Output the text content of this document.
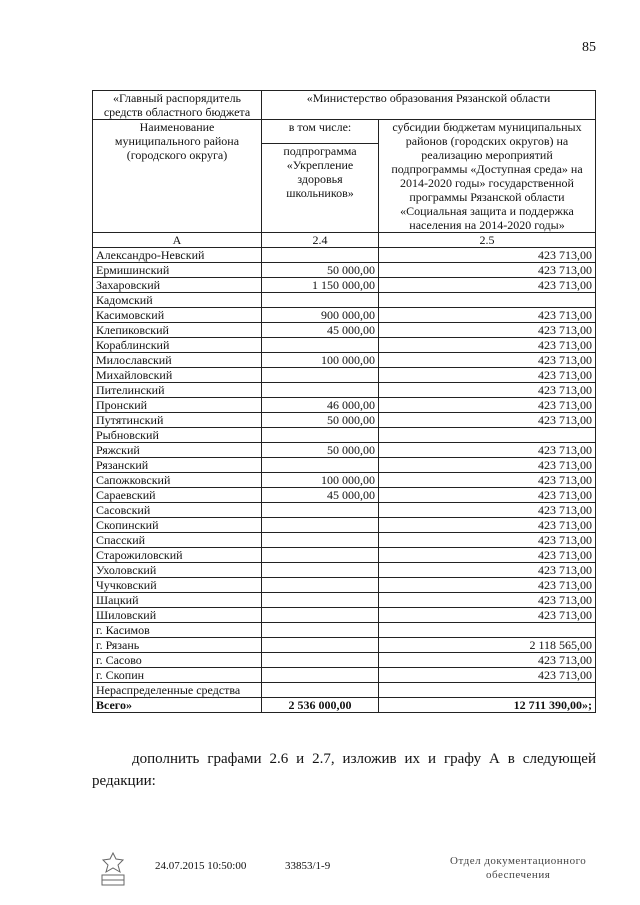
85
«Главный распорядитель средств областного бюджета	«Министерство образования Рязанской области	
Наименование муниципального района (городского округа)	в том числе:	субсидии бюджетам муниципальных районов (городских округов) на реализацию мероприятий подпрограммы «Доступная среда» на 2014-2020 годы» государственной программы Рязанской области «Социальная защита и поддержка населения на 2014-2020 годы»
	подпрограмма «Укрепление здоровья школьников»	
А	2.4	2.5
Александро-Невский		423 713,00
Ермишинский	50 000,00	423 713,00
Захаровский	1 150 000,00	423 713,00
Кадомский		
Касимовский	900 000,00	423 713,00
Клепиковский	45 000,00	423 713,00
Кораблинский		423 713,00
Милославский	100 000,00	423 713,00
Михайловский		423 713,00
Пителинский		423 713,00
Пронский	46 000,00	423 713,00
Путятинский	50 000,00	423 713,00
Рыбновский		
Ряжский	50 000,00	423 713,00
Рязанский		423 713,00
Сапожковский	100 000,00	423 713,00
Сараевский	45 000,00	423 713,00
Сасовский		423 713,00
Скопинский		423 713,00
Спасский		423 713,00
Старожиловский		423 713,00
Ухоловский		423 713,00
Чучковский		423 713,00
Шацкий		423 713,00
Шиловский		423 713,00
г. Касимов		
г. Рязань		2 118 565,00
г. Сасово		423 713,00
г. Скопин		423 713,00
Нераспределенные средства		
Всего»	2 536 000,00	12 711 390,00»;
дополнить графами 2.6 и 2.7, изложив их и графу А в следующей редакции:
24.07.2015 10:50:00	33853/1-9	Отдел документационного
обеспечения
